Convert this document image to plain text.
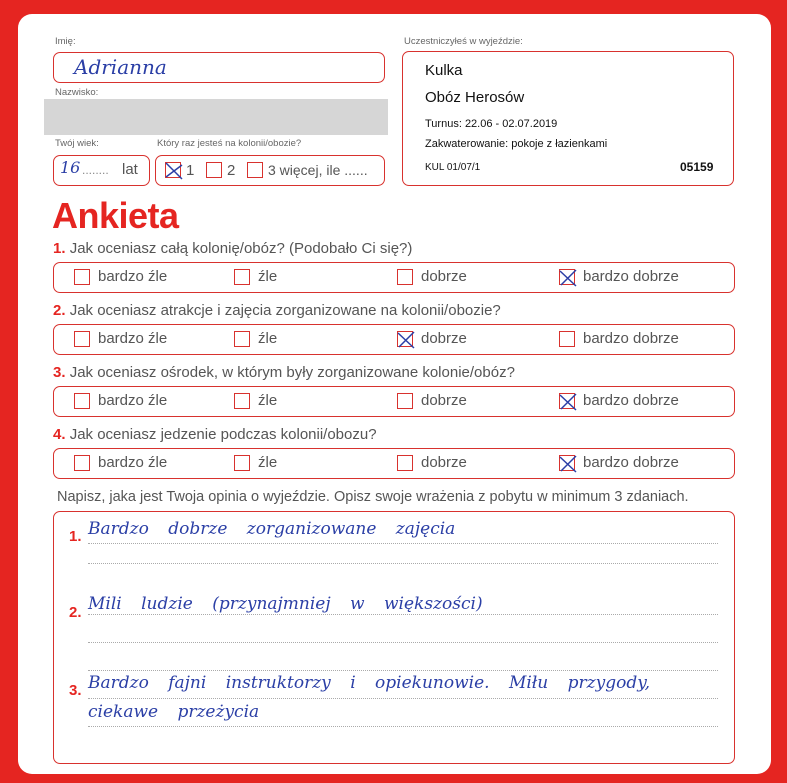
Imię:
Adrianna
Nazwisko:
Twój wiek:
16 ........ lat
Który raz jesteś na kolonii/obozie?
1 2 3 więcej, ile ......
Uczestniczyłeś w wyjeździe:
Kulka
Obóz Herosów
Turnus: 22.06 - 02.07.2019
Zakwaterowanie: pokoje z łazienkami
KUL 01/07/1	05159
Ankieta
1. Jak oceniasz całą kolonię/obóz? (Podobało Ci się?)
bardzo źle	źle	dobrze	bardzo dobrze
2. Jak oceniasz atrakcje i zajęcia zorganizowane na kolonii/obozie?
bardzo źle	źle	dobrze	bardzo dobrze
3. Jak oceniasz ośrodek, w którym były zorganizowane kolonie/obóz?
bardzo źle	źle	dobrze	bardzo dobrze
4. Jak oceniasz jedzenie podczas kolonii/obozu?
bardzo źle	źle	dobrze	bardzo dobrze
Napisz, jaka jest Twoja opinia o wyjeździe. Opisz swoje wrażenia z pobytu w minimum 3 zdaniach.
1. Bardzo dobrze zorganizowane zajęcia
2. Mili ludzie (przynajmniej w większości)
3. Bardzo fajni instruktorzy i opiekunowie. Miłu przygody,
ciekawe przeżycia
